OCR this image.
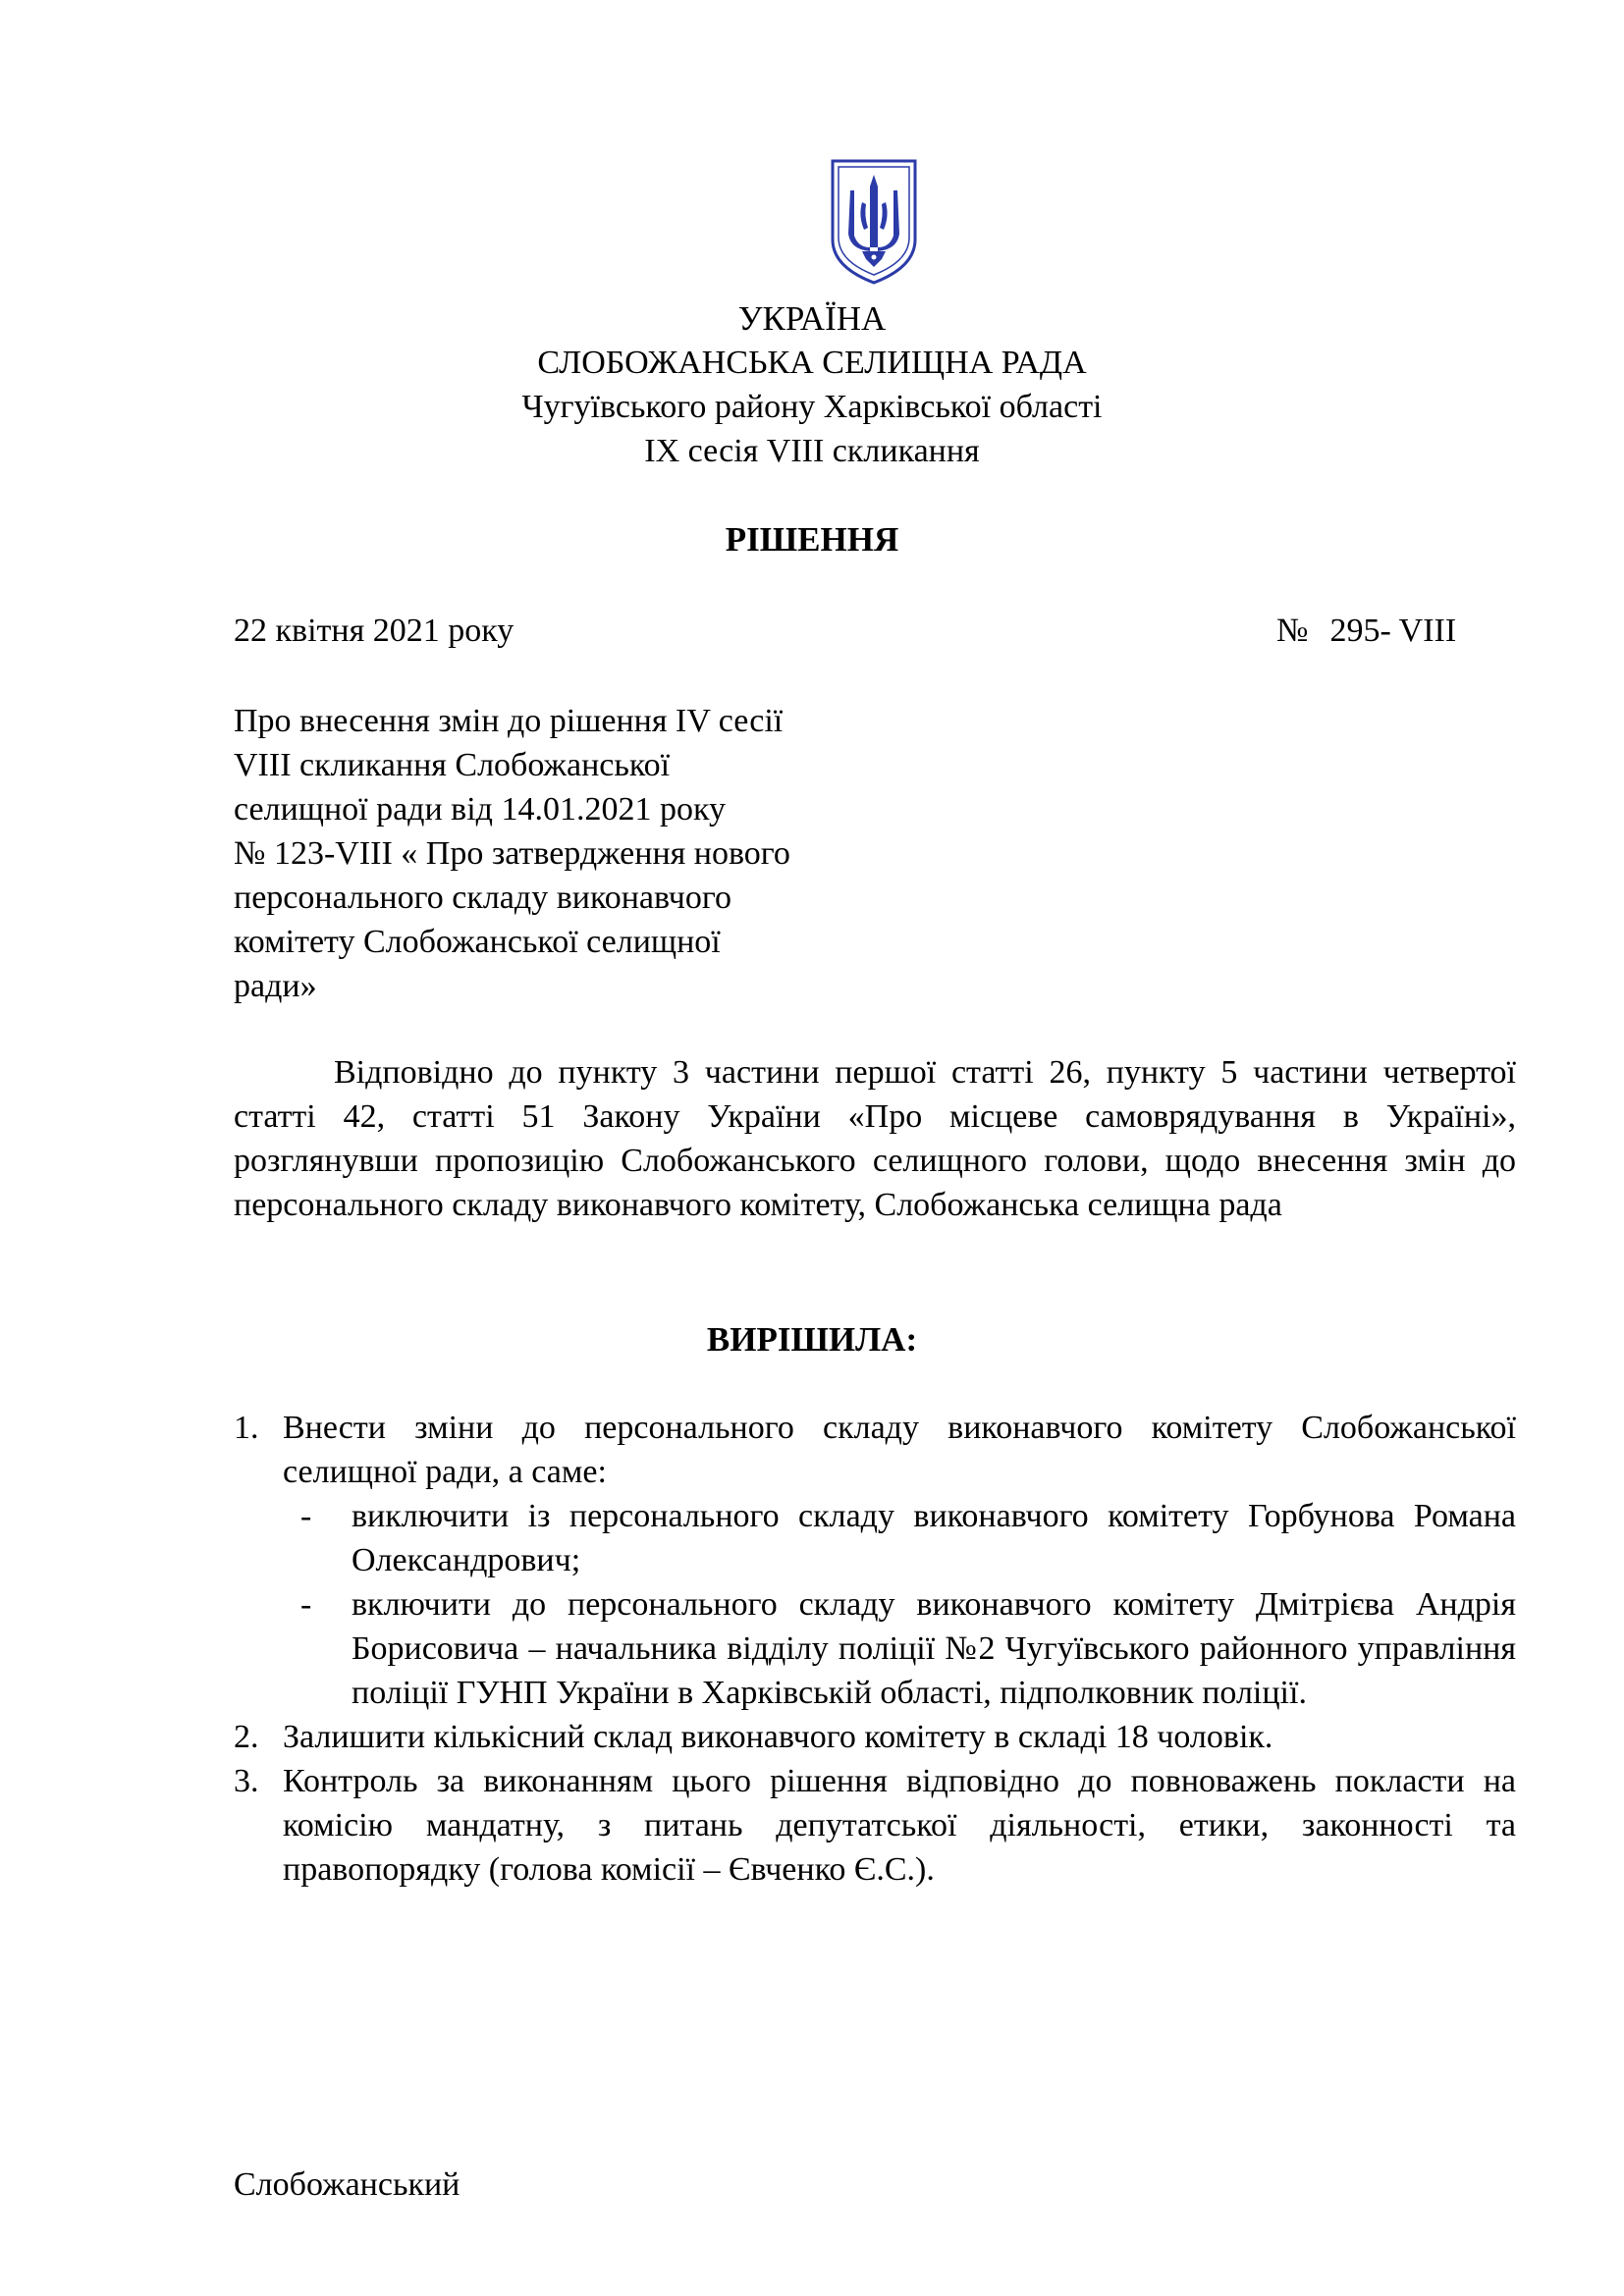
УКРАЇНА
СЛОБОЖАНСЬКА СЕЛИЩНА РАДА
Чугуївського району Харківської області
ІХ сесія VIII скликання
РІШЕННЯ
22 квітня 2021 року	№ 295- VIII
Про внесення змін до рішення IV сесії
VIII скликання Слобожанської
селищної ради від 14.01.2021 року
№ 123-VIII « Про затвердження нового
персонального складу виконавчого
комітету Слобожанської селищної
ради»
Відповідно до пункту 3 частини першої статті 26, пункту 5 частини четвертої статті 42, статті 51 Закону України «Про місцеве самоврядування в Україні», розглянувши пропозицію Слобожанського селищного голови, щодо внесення змін до персонального складу виконавчого комітету, Слобожанська селищна рада
ВИРІШИЛА:
1. Внести зміни до персонального складу виконавчого комітету Слобожанської селищної ради, а саме:
- виключити із персонального складу виконавчого комітету Горбунова Романа Олександрович;
- включити до персонального складу виконавчого комітету Дмітрієва Андрія Борисовича – начальника відділу поліції №2 Чугуївського районного управління поліції ГУНП України в Харківській області, підполковник поліції.
2. Залишити кількісний склад виконавчого комітету в складі 18 чоловік.
3. Контроль за виконанням цього рішення відповідно до повноважень покласти на комісію мандатну, з питань депутатської діяльності, етики, законності та правопорядку (голова комісії – Євченко Є.С.).
Слобожанський
